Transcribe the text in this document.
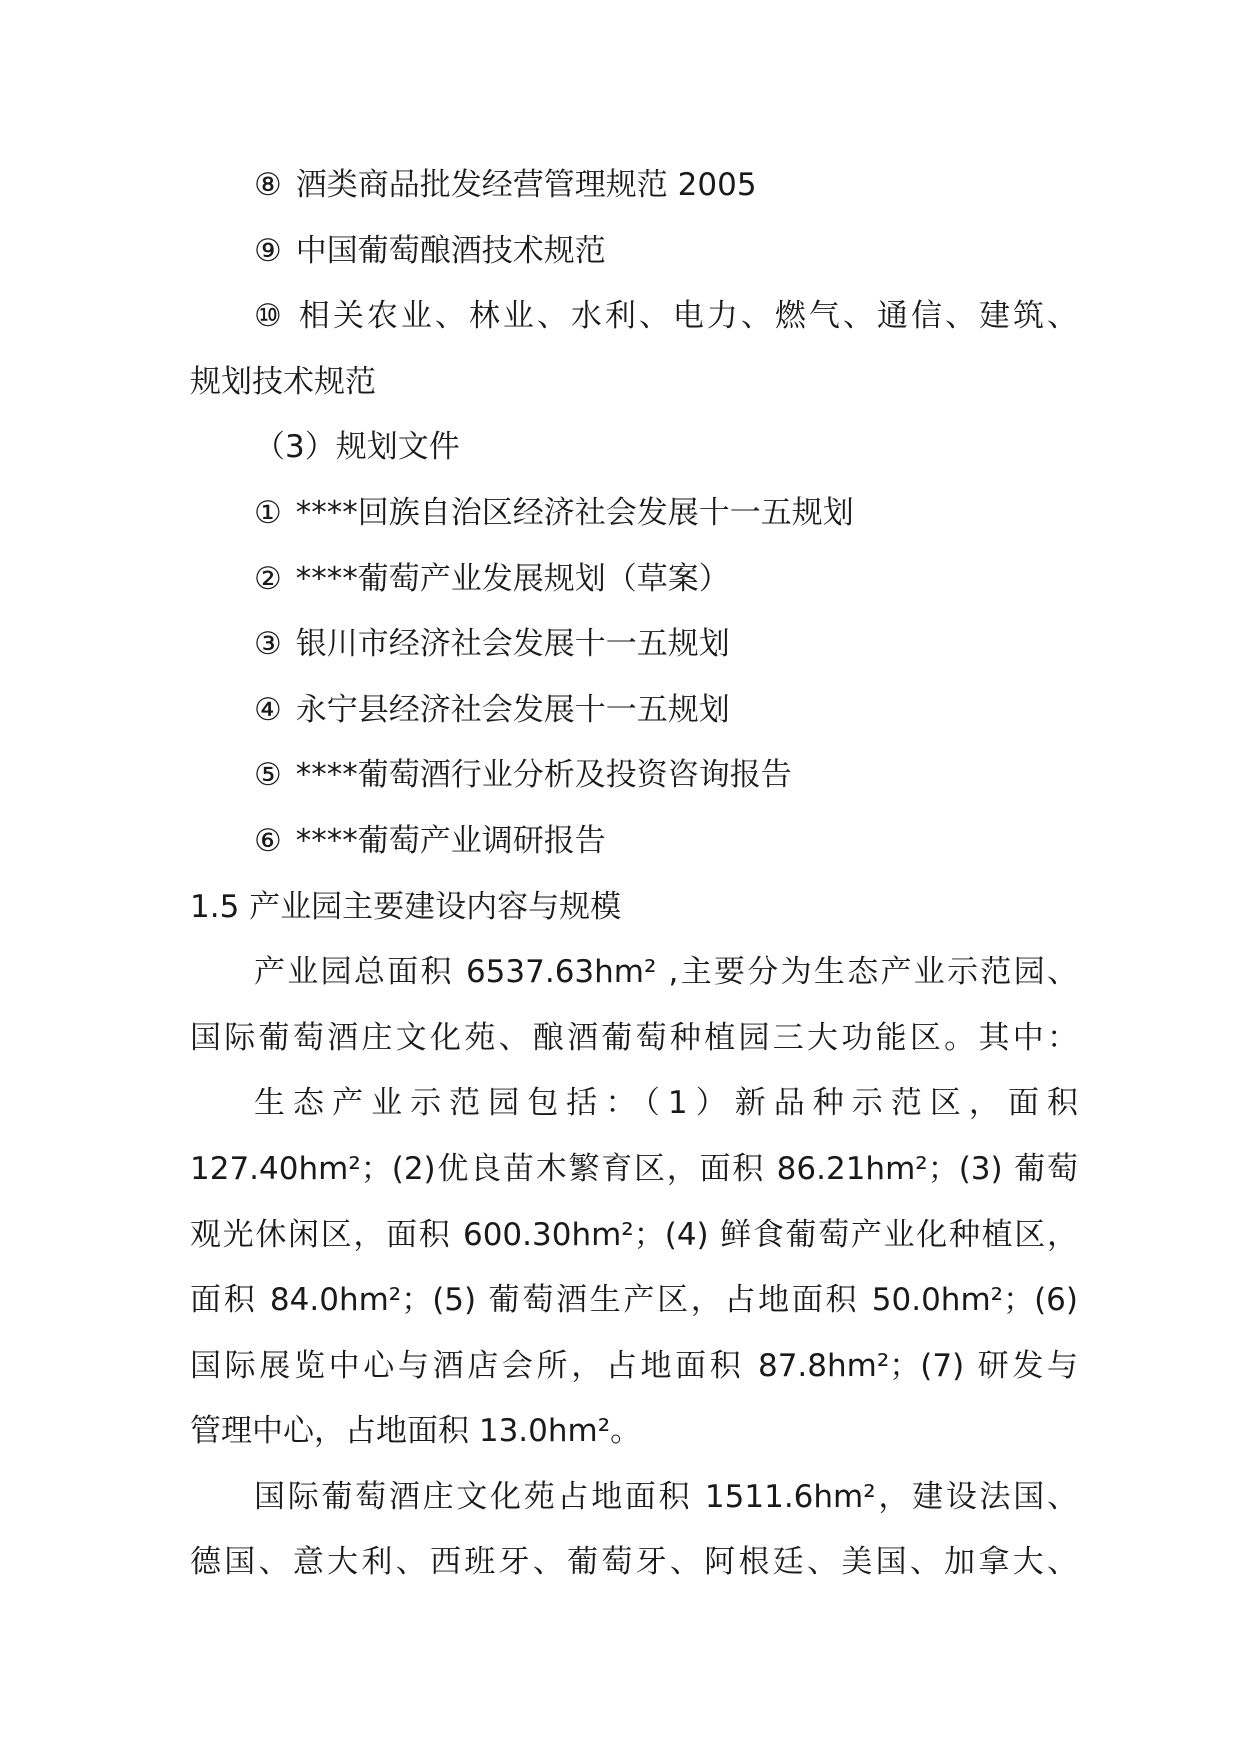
⑧ 酒类商品批发经营管理规范 2005
⑨ 中国葡萄酿酒技术规范
⑩ 相关农业、林业、水利、电力、燃气、通信、建筑、
规划技术规范
（3）规划文件
① ****回族自治区经济社会发展十一五规划
② ****葡萄产业发展规划（草案）
③ 银川市经济社会发展十一五规划
④ 永宁县经济社会发展十一五规划
⑤ ****葡萄酒行业分析及投资咨询报告
⑥ ****葡萄产业调研报告
1.5 产业园主要建设内容与规模
产业园总面积 6537.63hm² ,主要分为生态产业示范园、
国际葡萄酒庄文化苑、酿酒葡萄种植园三大功能区。其中：
生态产业示范园包括：（1）新品种示范区，面积
127.40hm²；(2)优良苗木繁育区，面积 86.21hm²；(3) 葡萄
观光休闲区，面积 600.30hm²；(4) 鲜食葡萄产业化种植区，
面积 84.0hm²；(5) 葡萄酒生产区，占地面积 50.0hm²；(6)
国际展览中心与酒店会所，占地面积 87.8hm²；(7) 研发与
管理中心，占地面积 13.0hm²。
国际葡萄酒庄文化苑占地面积 1511.6hm²，建设法国、
德国、意大利、西班牙、葡萄牙、阿根廷、美国、加拿大、
